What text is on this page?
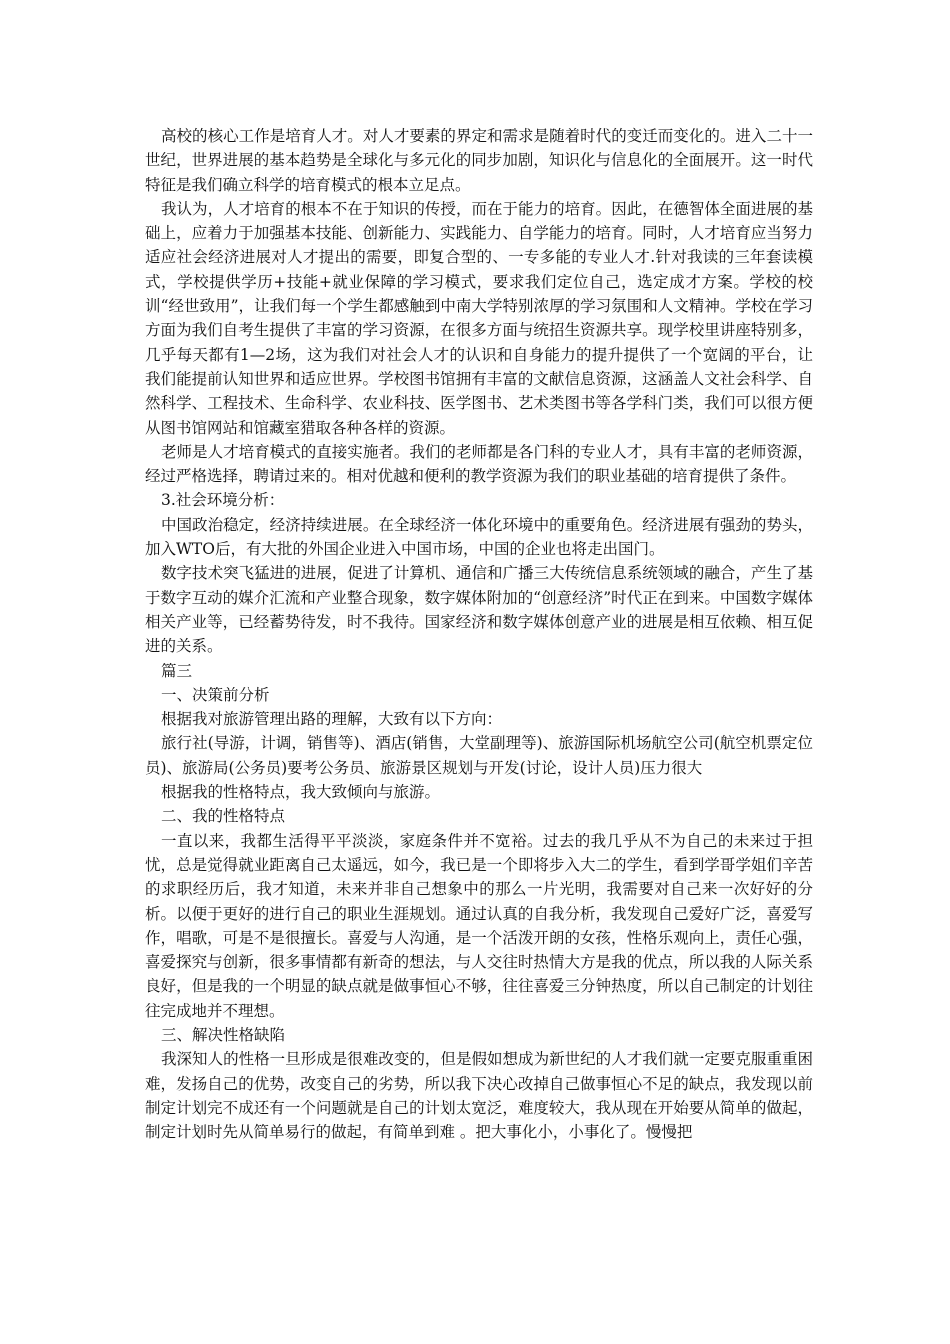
高校的核心工作是培育人才。对人才要素的界定和需求是随着时代的变迁而变化的。进入二十一世纪，世界进展的基本趋势是全球化与多元化的同步加剧，知识化与信息化的全面展开。这一时代特征是我们确立科学的培育模式的根本立足点。

我认为，人才培育的根本不在于知识的传授，而在于能力的培育。因此，在德智体全面进展的基础上，应着力于加强基本技能、创新能力、实践能力、自学能力的培育。同时，人才培育应当努力适应社会经济进展对人才提出的需要，即复合型的、一专多能的专业人才.针对我读的三年套读模式，学校提供学历+技能+就业保障的学习模式，要求我们定位自己，选定成才方案。学校的校训“经世致用”，让我们每一个学生都感触到中南大学特别浓厚的学习氛围和人文精神。学校在学习方面为我们自考生提供了丰富的学习资源，在很多方面与统招生资源共享。现学校里讲座特别多，几乎每天都有1—2场，这为我们对社会人才的认识和自身能力的提升提供了一个宽阔的平台，让我们能提前认知世界和适应世界。学校图书馆拥有丰富的文献信息资源，这涵盖人文社会科学、自然科学、工程技术、生命科学、农业科技、医学图书、艺术类图书等各学科门类，我们可以很方便从图书馆网站和馆藏室猎取各种各样的资源。

老师是人才培育模式的直接实施者。我们的老师都是各门科的专业人才，具有丰富的老师资源，经过严格选择，聘请过来的。相对优越和便利的教学资源为我们的职业基础的培育提供了条件。

3.社会环境分析：

中国政治稳定，经济持续进展。在全球经济一体化环境中的重要角色。经济进展有强劲的势头，加入WTO后，有大批的外国企业进入中国市场，中国的企业也将走出国门。

数字技术突飞猛进的进展，促进了计算机、通信和广播三大传统信息系统领域的融合，产生了基于数字互动的媒介汇流和产业整合现象，数字媒体附加的“创意经济”时代正在到来。中国数字媒体相关产业等，已经蓄势待发，时不我待。国家经济和数字媒体创意产业的进展是相互依赖、相互促进的关系。

篇三

一、决策前分析

根据我对旅游管理出路的理解，大致有以下方向：

旅行社(导游，计调，销售等)、酒店(销售，大堂副理等)、旅游国际机场航空公司(航空机票定位员)、旅游局(公务员)要考公务员、旅游景区规划与开发(讨论，设计人员)压力很大

根据我的性格特点，我大致倾向与旅游。

二、我的性格特点

一直以来，我都生活得平平淡淡，家庭条件并不宽裕。过去的我几乎从不为自己的未来过于担忧，总是觉得就业距离自己太遥远，如今，我已是一个即将步入大二的学生，看到学哥学姐们辛苦的求职经历后，我才知道，未来并非自己想象中的那么一片光明，我需要对自己来一次好好的分析。以便于更好的进行自己的职业生涯规划。通过认真的自我分析，我发现自己爱好广泛，喜爱写作，唱歌，可是不是很擅长。喜爱与人沟通，是一个活泼开朗的女孩，性格乐观向上，责任心强，喜爱探究与创新，很多事情都有新奇的想法，与人交往时热情大方是我的优点，所以我的人际关系良好，但是我的一个明显的缺点就是做事恒心不够，往往喜爱三分钟热度，所以自己制定的计划往往完成地并不理想。

三、解决性格缺陷

我深知人的性格一旦形成是很难改变的，但是假如想成为新世纪的人才我们就一定要克服重重困难，发扬自己的优势，改变自己的劣势，所以我下决心改掉自己做事恒心不足的缺点，我发现以前制定计划完不成还有一个问题就是自己的计划太宽泛，难度较大，我从现在开始要从简单的做起，制定计划时先从简单易行的做起，有简单到难 。把大事化小，小事化了。慢慢把
